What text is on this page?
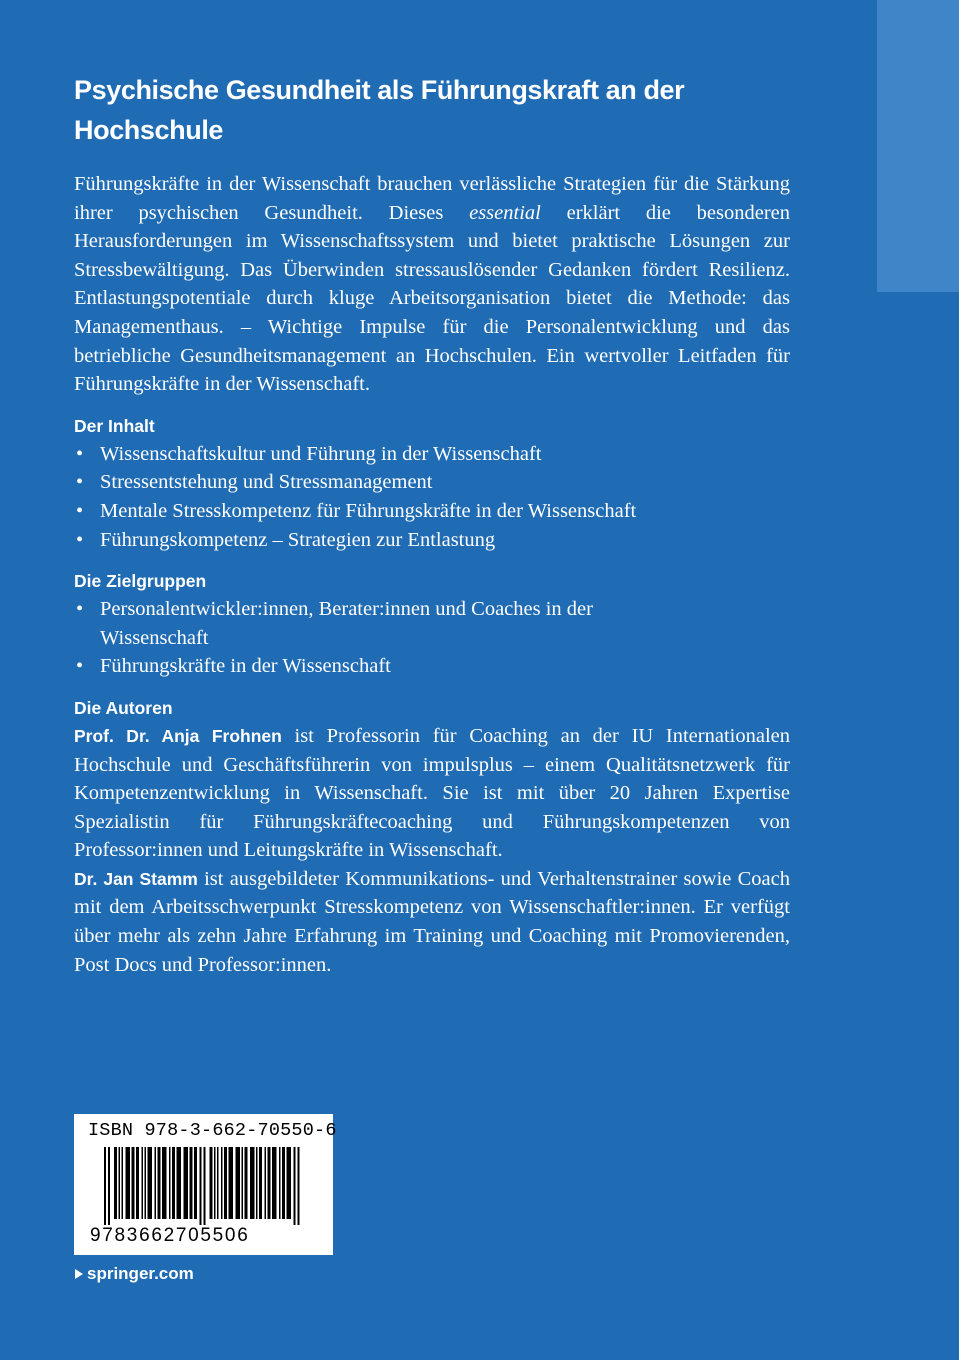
Psychische Gesundheit als Führungskraft an der Hochschule

Führungskräfte in der Wissenschaft brauchen verlässliche Strategien für die Stärkung ihrer psychischen Gesundheit. Dieses essential erklärt die besonderen Herausforderungen im Wissenschaftssystem und bietet praktische Lösungen zur Stressbewältigung. Das Überwinden stressauslösender Gedanken fördert Resilienz. Entlastungspotentiale durch kluge Arbeitsorganisation bietet die Methode: das Managementhaus. – Wichtige Impulse für die Personalentwicklung und das betriebliche Gesundheitsmanagement an Hochschulen. Ein wertvoller Leitfaden für Führungskräfte in der Wissenschaft.

Der Inhalt
• Wissenschaftskultur und Führung in der Wissenschaft
• Stressentstehung und Stressmanagement
• Mentale Stresskompetenz für Führungskräfte in der Wissenschaft
• Führungskompetenz – Strategien zur Entlastung
Die Zielgruppen
• Personalentwickler:innen, Berater:innen und Coaches in der Wissenschaft
• Führungskräfte in der Wissenschaft
Die Autoren

Prof. Dr. Anja Frohnen ist Professorin für Coaching an der IU Internationalen Hochschule und Geschäftsführerin von impulsplus – einem Qualitätsnetzwerk für Kompetenzentwicklung in Wissenschaft. Sie ist mit über 20 Jahren Expertise Spezialistin für Führungskräftecoaching und Führungskompetenzen von Professor:innen und Leitungskräfte in Wissenschaft.

Dr. Jan Stamm ist ausgebildeter Kommunikations- und Verhaltenstrainer sowie Coach mit dem Arbeitsschwerpunkt Stresskompetenz von Wissenschaftler:innen. Er verfügt über mehr als zehn Jahre Erfahrung im Training und Coaching mit Promovierenden, Post Docs und Professor:innen.

ISBN 978-3-662-70550-6
9783662705506
springer.com
